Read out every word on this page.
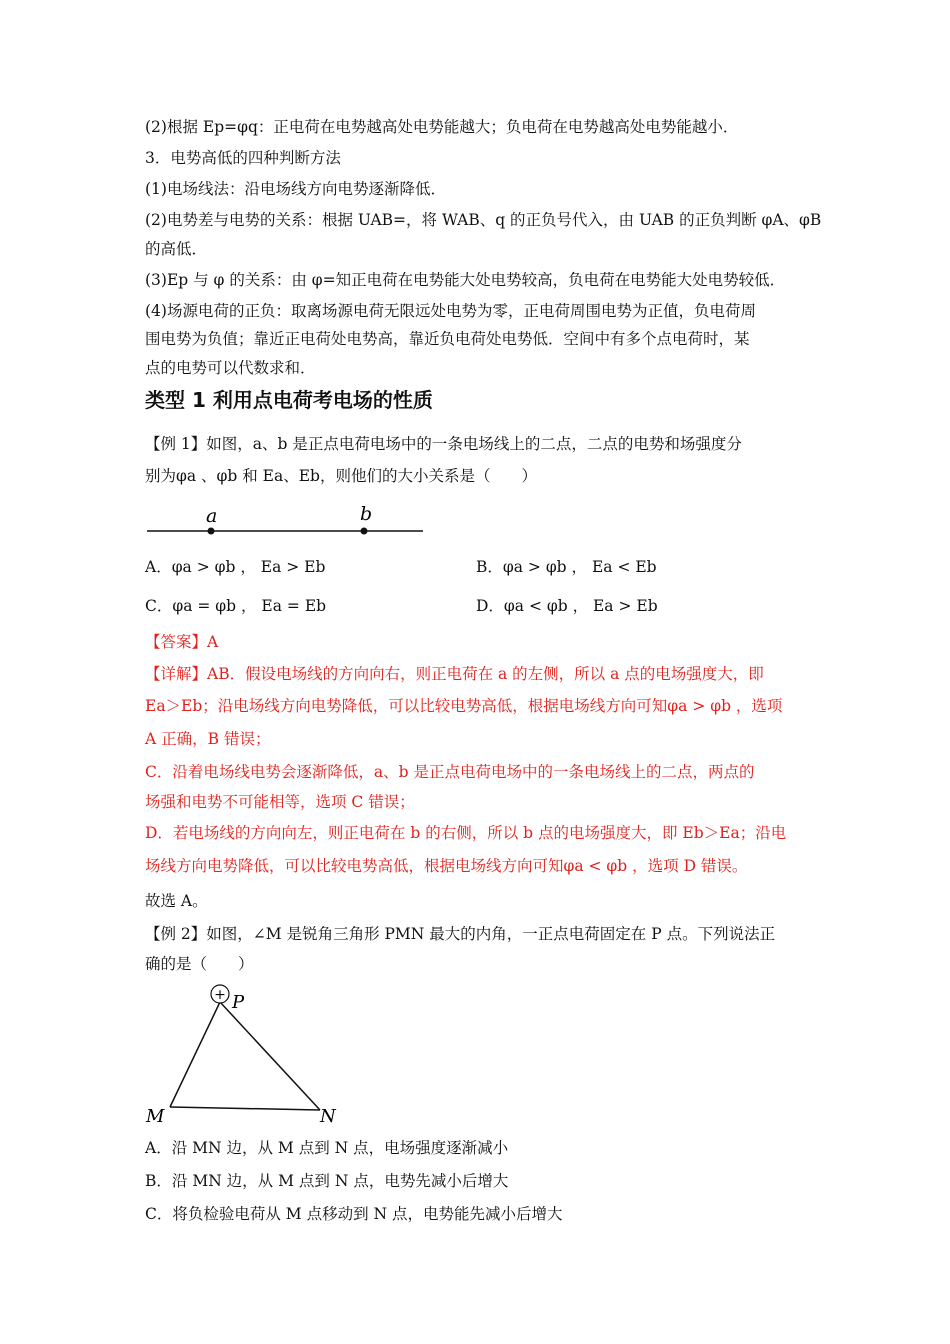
(2)根据 Ep=φq：正电荷在电势越高处电势能越大；负电荷在电势越高处电势能越小．
3．电势高低的四种判断方法
(1)电场线法：沿电场线方向电势逐渐降低．
(2)电势差与电势的关系：根据 UAB=，将 WAB、q 的正负号代入，由 UAB 的正负判断 φA、φB
的高低．
(3)Ep 与 φ 的关系：由 φ=知正电荷在电势能大处电势较高，负电荷在电势能大处电势较低．
(4)场源电荷的正负：取离场源电荷无限远处电势为零，正电荷周围电势为正值，负电荷周
围电势为负值；靠近正电荷处电势高，靠近负电荷处电势低．空间中有多个点电荷时，某
点的电势可以代数求和．
类型 1 利用点电荷考电场的性质
【例 1】如图，a、b 是正点电荷电场中的一条电场线上的二点，二点的电势和场强度分
别为φa 、φb 和 Ea、Eb，则他们的大小关系是（　　）
a	b
A．φa > φb ， Ea > Eb	B．φa > φb ， Ea < Eb
C．φa = φb ， Ea = Eb	D．φa < φb ， Ea > Eb
【答案】A
【详解】AB．假设电场线的方向向右，则正电荷在 a 的左侧，所以 a 点的电场强度大，即
Ea＞Eb；沿电场线方向电势降低，可以比较电势高低，根据电场线方向可知φa > φb ，选项
A 正确，B 错误；
C．沿着电场线电势会逐渐降低，a、b 是正点电荷电场中的一条电场线上的二点，两点的
场强和电势不可能相等，选项 C 错误；
D．若电场线的方向向左，则正电荷在 b 的右侧，所以 b 点的电场强度大，即 Eb＞Ea；沿电
场线方向电势降低，可以比较电势高低，根据电场线方向可知φa < φb ，选项 D 错误。
故选 A。
【例 2】如图，∠M 是锐角三角形 PMN 最大的内角，一正点电荷固定在 P 点。下列说法正
确的是（　　）
+ P
M	N
A．沿 MN 边，从 M 点到 N 点，电场强度逐渐减小
B．沿 MN 边，从 M 点到 N 点，电势先减小后增大
C．将负检验电荷从 M 点移动到 N 点，电势能先减小后增大
